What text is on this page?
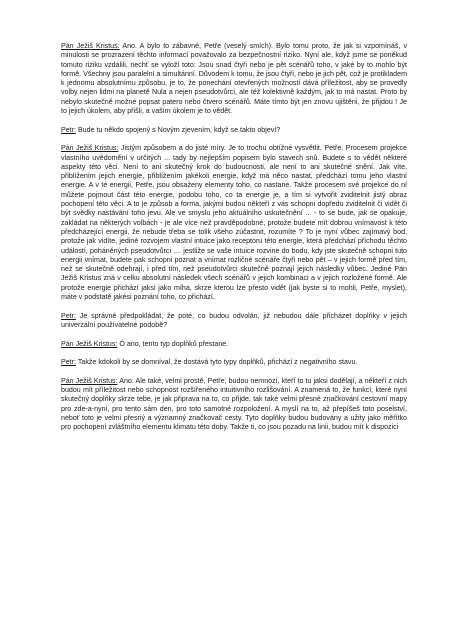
Pán Ježiš Kristus: Ano. A bylo to zábavné, Petře (veselý smích). Bylo tomu proto, že jak si vzpomínáš, v minulosti se prozrazení těchto informací považovalo za bezpečnostní riziko. Nyní ale, když jsme se poněkud tomuto riziku vzdálili, nechť se vyloží toto: Jsou snad čtyři nebo je pět scénářů toho, v jaké by to mohlo být formě. Všechny jsou paralelní a simultánní. Důvodem k tomu, že jsou čtyři, nebo je jich pět, což je protikladem k jednomu absolutnímu způsobu, je to, že ponechání otevřených možností dává příležitost, aby se provedly volby nejen lidmi na planetě Nula a nejen pseudotvůrci, ale též kolektivně každým, jak to má nastat. Proto by nebylo skutečně možné popsat patero nebo čtvero scénářů. Máte tímto být jen znovu ujištěni, že přijdou ! Je to jejich úkolem, aby přišli, a vaším úkolem je to vědět.

Petr: Bude tu někdo spojený s Novým zjevením, když se takto objeví?

Pán Ježiš Kristus: Jistým způsobem a do jisté míry. Je to trochu obtížné vysvětlit, Petře. Procesem projekce vlastního uvědomění v určitých ... tady by nejlepším popisem bylo stavech snů. Budete s to vědět některé aspekty této věci. Není to ani skutečný krok do budoucnosti, ale není to ani skutečné snění. Jak víte, přiblížením jejich energie, přiblížením jakékoli energie, když má něco nastat, předchází tomu jeho vlastní energie. A v té energii, Petře, jsou obsaženy elementy toho, co nastane. Takže procesem své projekce do ní můžete pojmout část této energie, podobu toho, co ta energie je, a tím si vytvořit zviditelnit jistý obraz pochopení této věci. A to je způsob a forma, jakými budou někteří z vás schopni dopředu zviditelnit či vidět či být svědky nastávání toho jevu. Ale ve smyslu jeho aktuálního uskutečnění ... - to se bude, jak se opakuje, zakládat na některých volbách - je ale více než pravděpodobné, protože budete mít dobrou vnímavost k této předcházející energii, že nebude třeba se tolik všeho zúčastnit, rozumíte ? To je nyní vůbec zajímavý bod, protože jak vidíte, jediné rozvojem vlastní intuice jako receptoru této energie, která předchází příchodu těchto událostí, poháněných pseudotvůrci .... jestliže se vaše intuice rozvine do bodu, kdy jste skutečně schopni tuto energii vnímat, budete pak schopni poznat a vnímat rozličné scénáře čtyři nebo pět – v jejich formě před tím, než se skutečně odehrají, i před tím, než pseudotvůrci skutečně poznají jejich následky vůbec. Jediné Pán Ježiš Kristus zná v celku absolutní následek všech scénářů v jejich kombinaci a v jejich rozložené formě. Ale protože energie přichází jaksi jako míha, skrze kterou lze přesto vidět (jak byste si to mohli, Petře, myslet), máte v podstatě jakési poznání toho, co přichází.

Petr: Je správné předpokládat, že poté, co budou odvolán, již nebudou dále přicházet doplňky v jejich univerzální používatelné podobě?

Pán Ježiš Kristus: Ó ano, tento typ doplňků přestane.

Petr: Takže kdokoli by se domníval, že dostává tyto typy doplňků, přichází z negativního stavu.

Pán Ježiš Kristus: Ano. Ale také, velmi prostě, Petře, budou nemnozí, kteří to tu jaksi dodělají, a někteří z nich budou mít příležitost nebo schopnost rozšířeného intuitivního rozlišování. A znamená to, že funkcí, které nyní skutečný doplňky skrze tebe, je jak připrava na to, co přijde, tak také velmi přesné značkování cestovní mapy pro zde-a-nyní, pro tento sám den, pro toto samotné rozpoložení. A myslí na to, až přepíšeš toto poselství, neboť toto je velmi přesný a významný značkovač cesty. Tyto doplňky budou budovány a užity jako měřítko pro pochopení zvláštního elementu klimatu této doby. Takže ti, co jsou pozadu na linii, budou mít k dispozici
